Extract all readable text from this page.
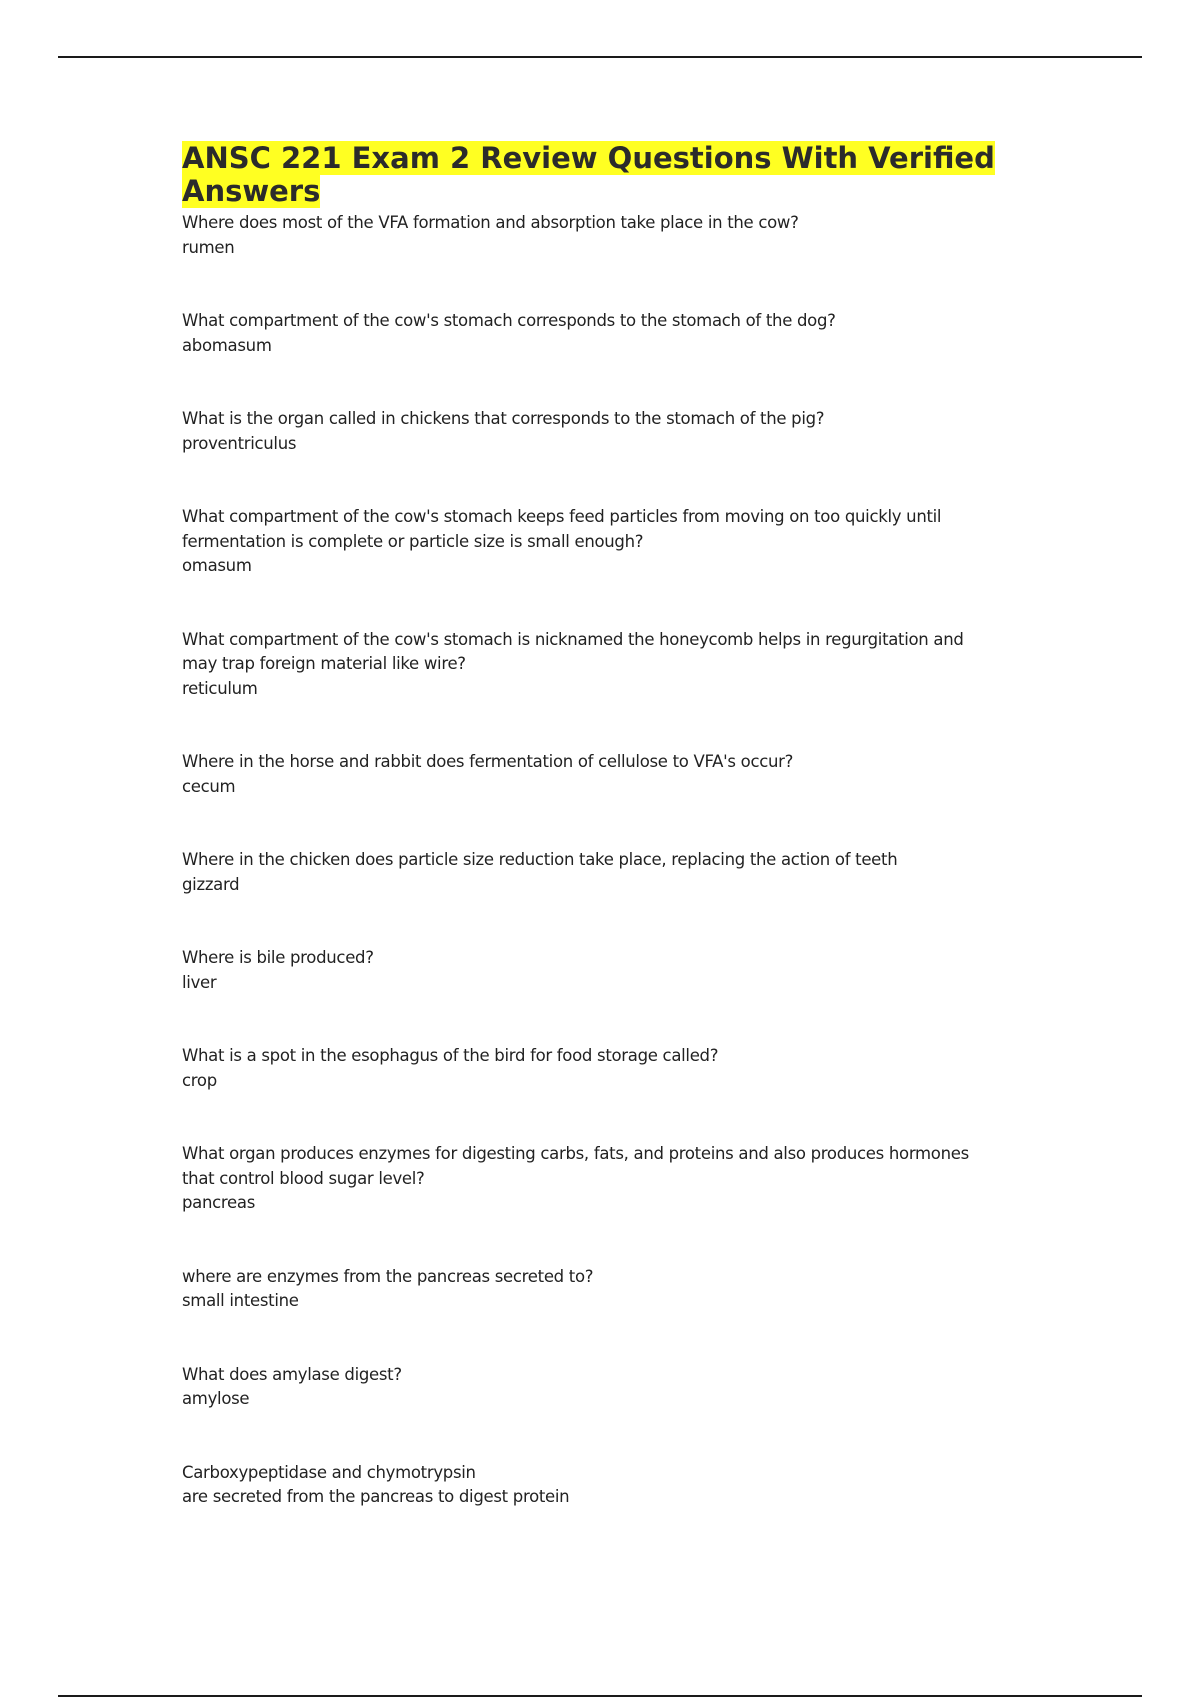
ANSC 221 Exam 2 Review Questions With Verified Answers

Where does most of the VFA formation and absorption take place in the cow?

rumen

What compartment of the cow's stomach corresponds to the stomach of the dog?

abomasum

What is the organ called in chickens that corresponds to the stomach of the pig?

proventriculus

What compartment of the cow's stomach keeps feed particles from moving on too quickly until fermentation is complete or particle size is small enough?

omasum

What compartment of the cow's stomach is nicknamed the honeycomb helps in regurgitation and may trap foreign material like wire?

reticulum

Where in the horse and rabbit does fermentation of cellulose to VFA's occur?

cecum

Where in the chicken does particle size reduction take place, replacing the action of teeth

gizzard

Where is bile produced?

liver

What is a spot in the esophagus of the bird for food storage called?

crop

What organ produces enzymes for digesting carbs, fats, and proteins and also produces hormones that control blood sugar level?

pancreas

where are enzymes from the pancreas secreted to?

small intestine

What does amylase digest?

amylose

Carboxypeptidase and chymotrypsin

are secreted from the pancreas to digest protein
